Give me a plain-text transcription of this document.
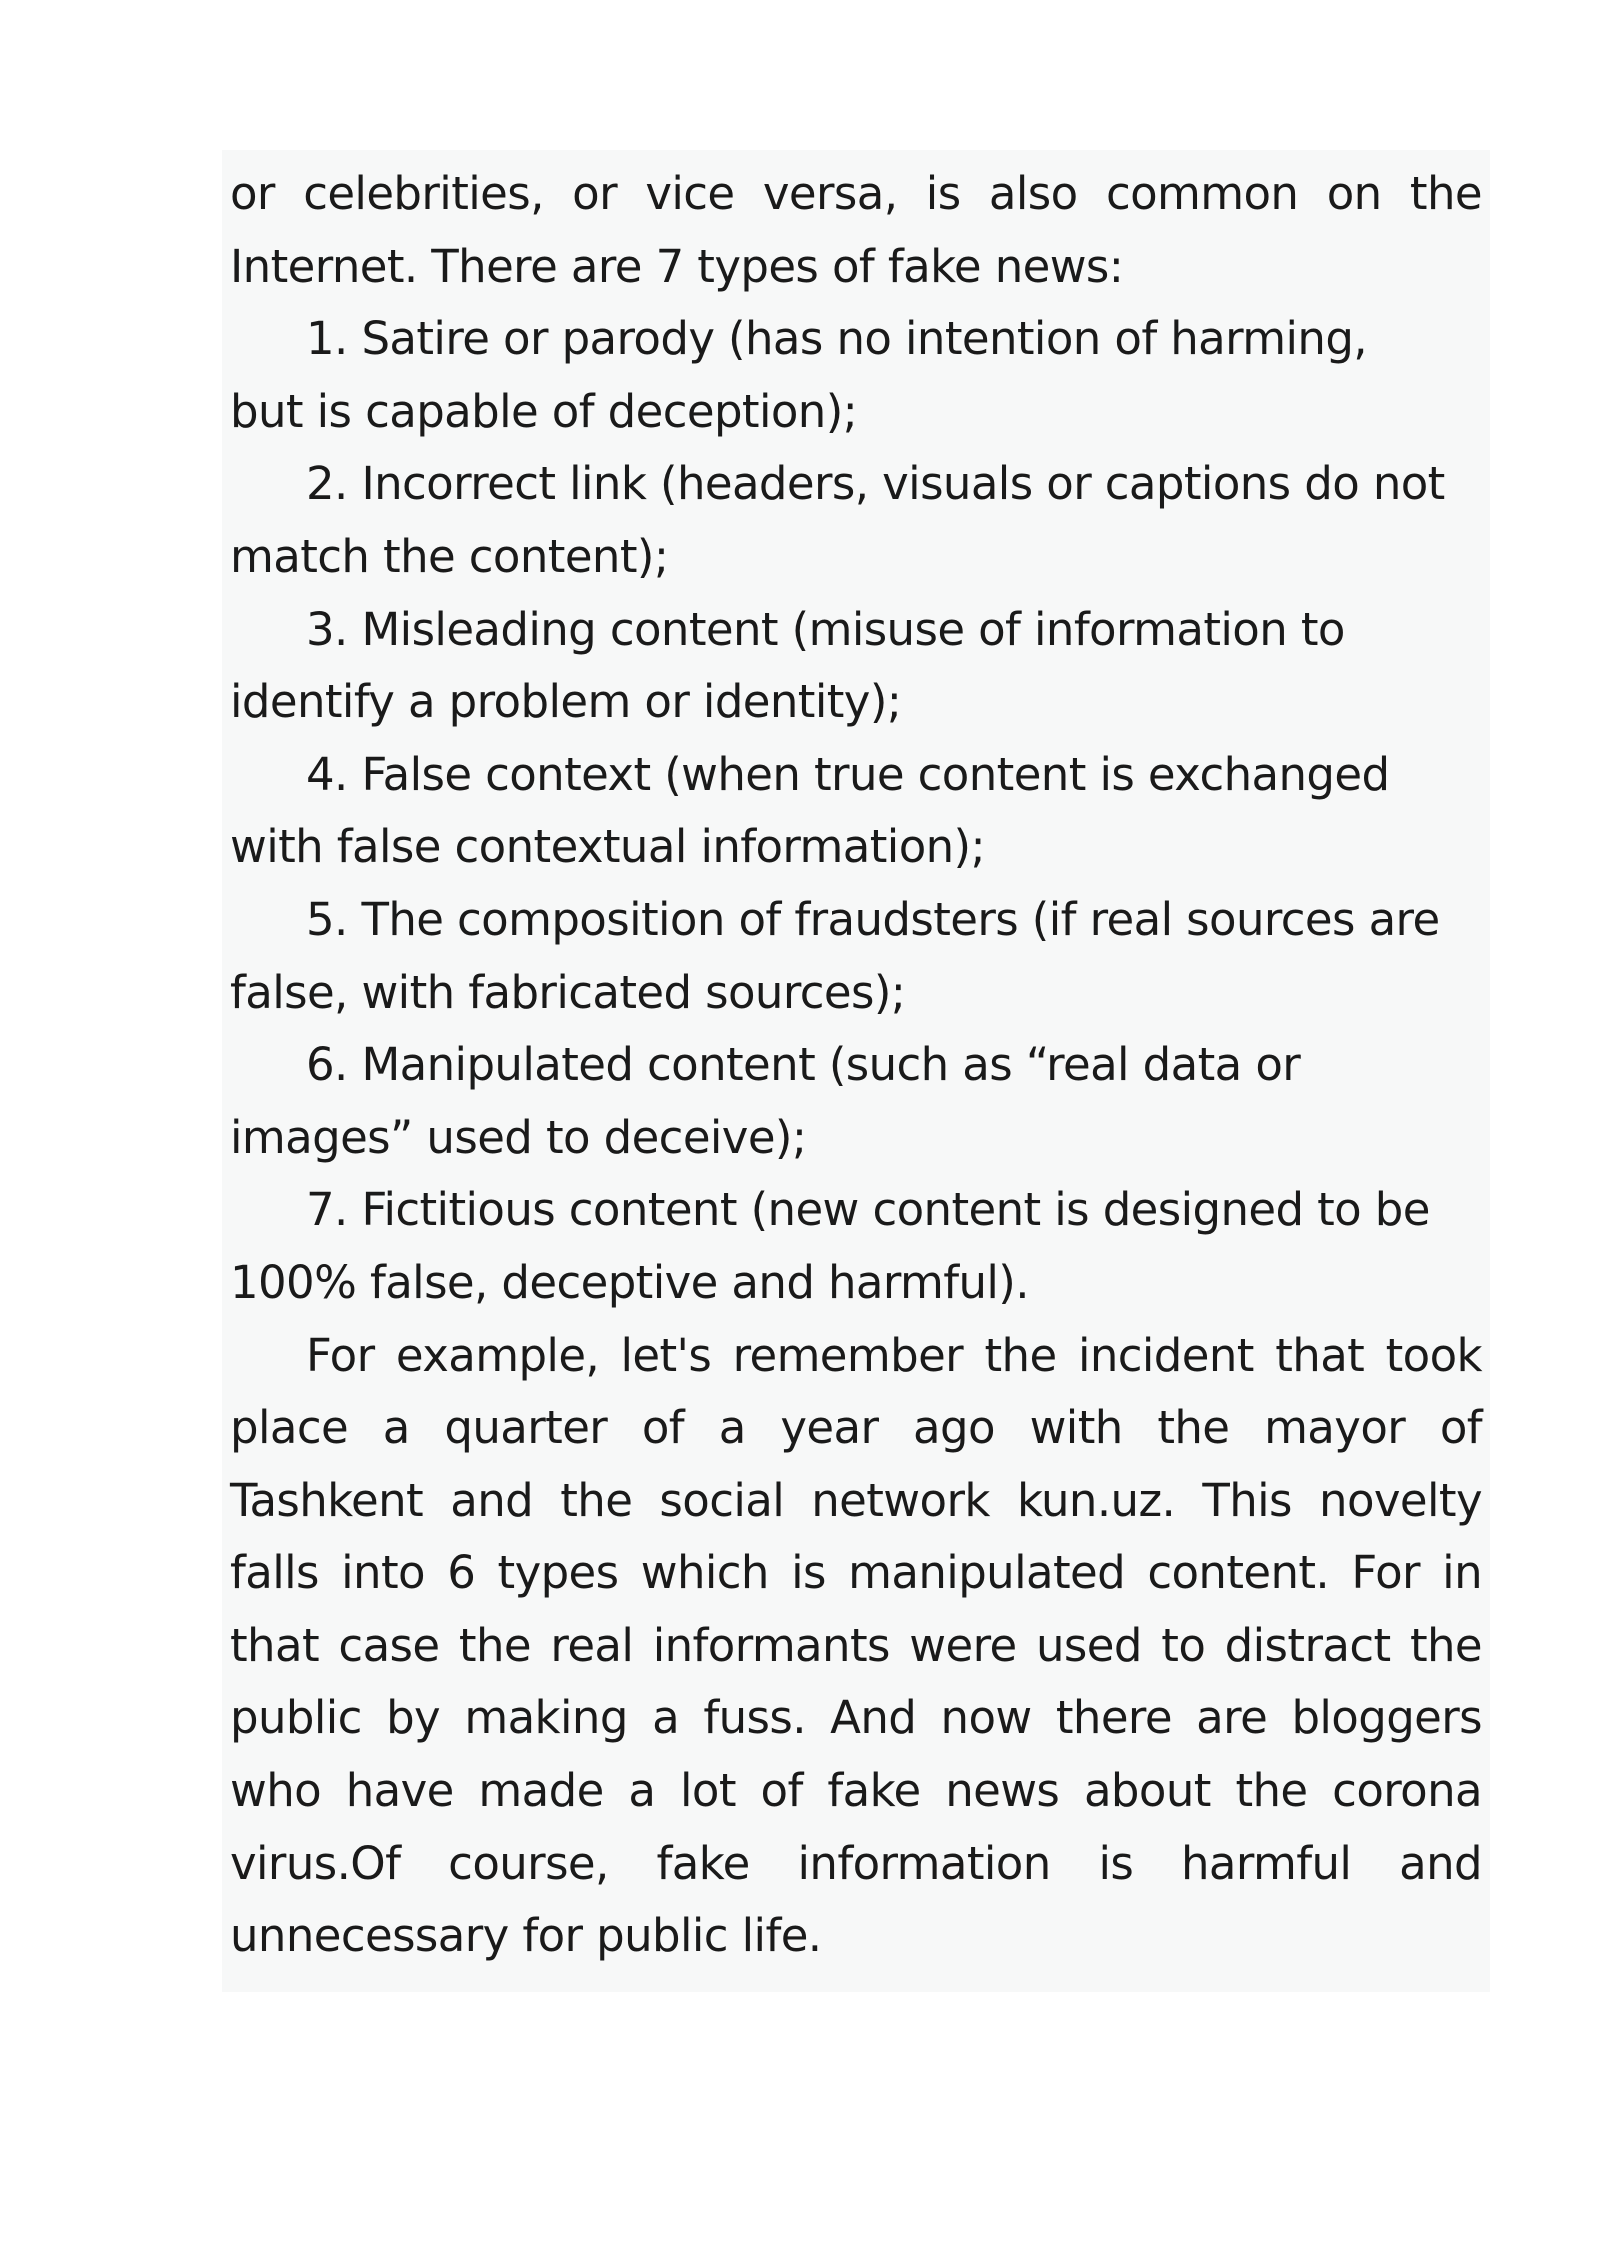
or celebrities, or vice versa, is also common on the
Internet. There are 7 types of fake news:
1. Satire or parody (has no intention of harming,
but is capable of deception);
2. Incorrect link (headers, visuals or captions do not
match the content);
3. Misleading content (misuse of information to
identify a problem or identity);
4. False context (when true content is exchanged
with false contextual information);
5. The composition of fraudsters (if real sources are
false, with fabricated sources);
6. Manipulated content (such as “real data or
images” used to deceive);
7. Fictitious content (new content is designed to be
100% false, deceptive and harmful).
For example, let's remember the incident that took
place a quarter of a year ago with the mayor of
Tashkent and the social network kun.uz. This novelty
falls into 6 types which is manipulated content. For in
that case the real informants were used to distract the
public by making a fuss. And now there are bloggers
who have made a lot of fake news about the corona
virus.Of course, fake information is harmful and
unnecessary for public life.
